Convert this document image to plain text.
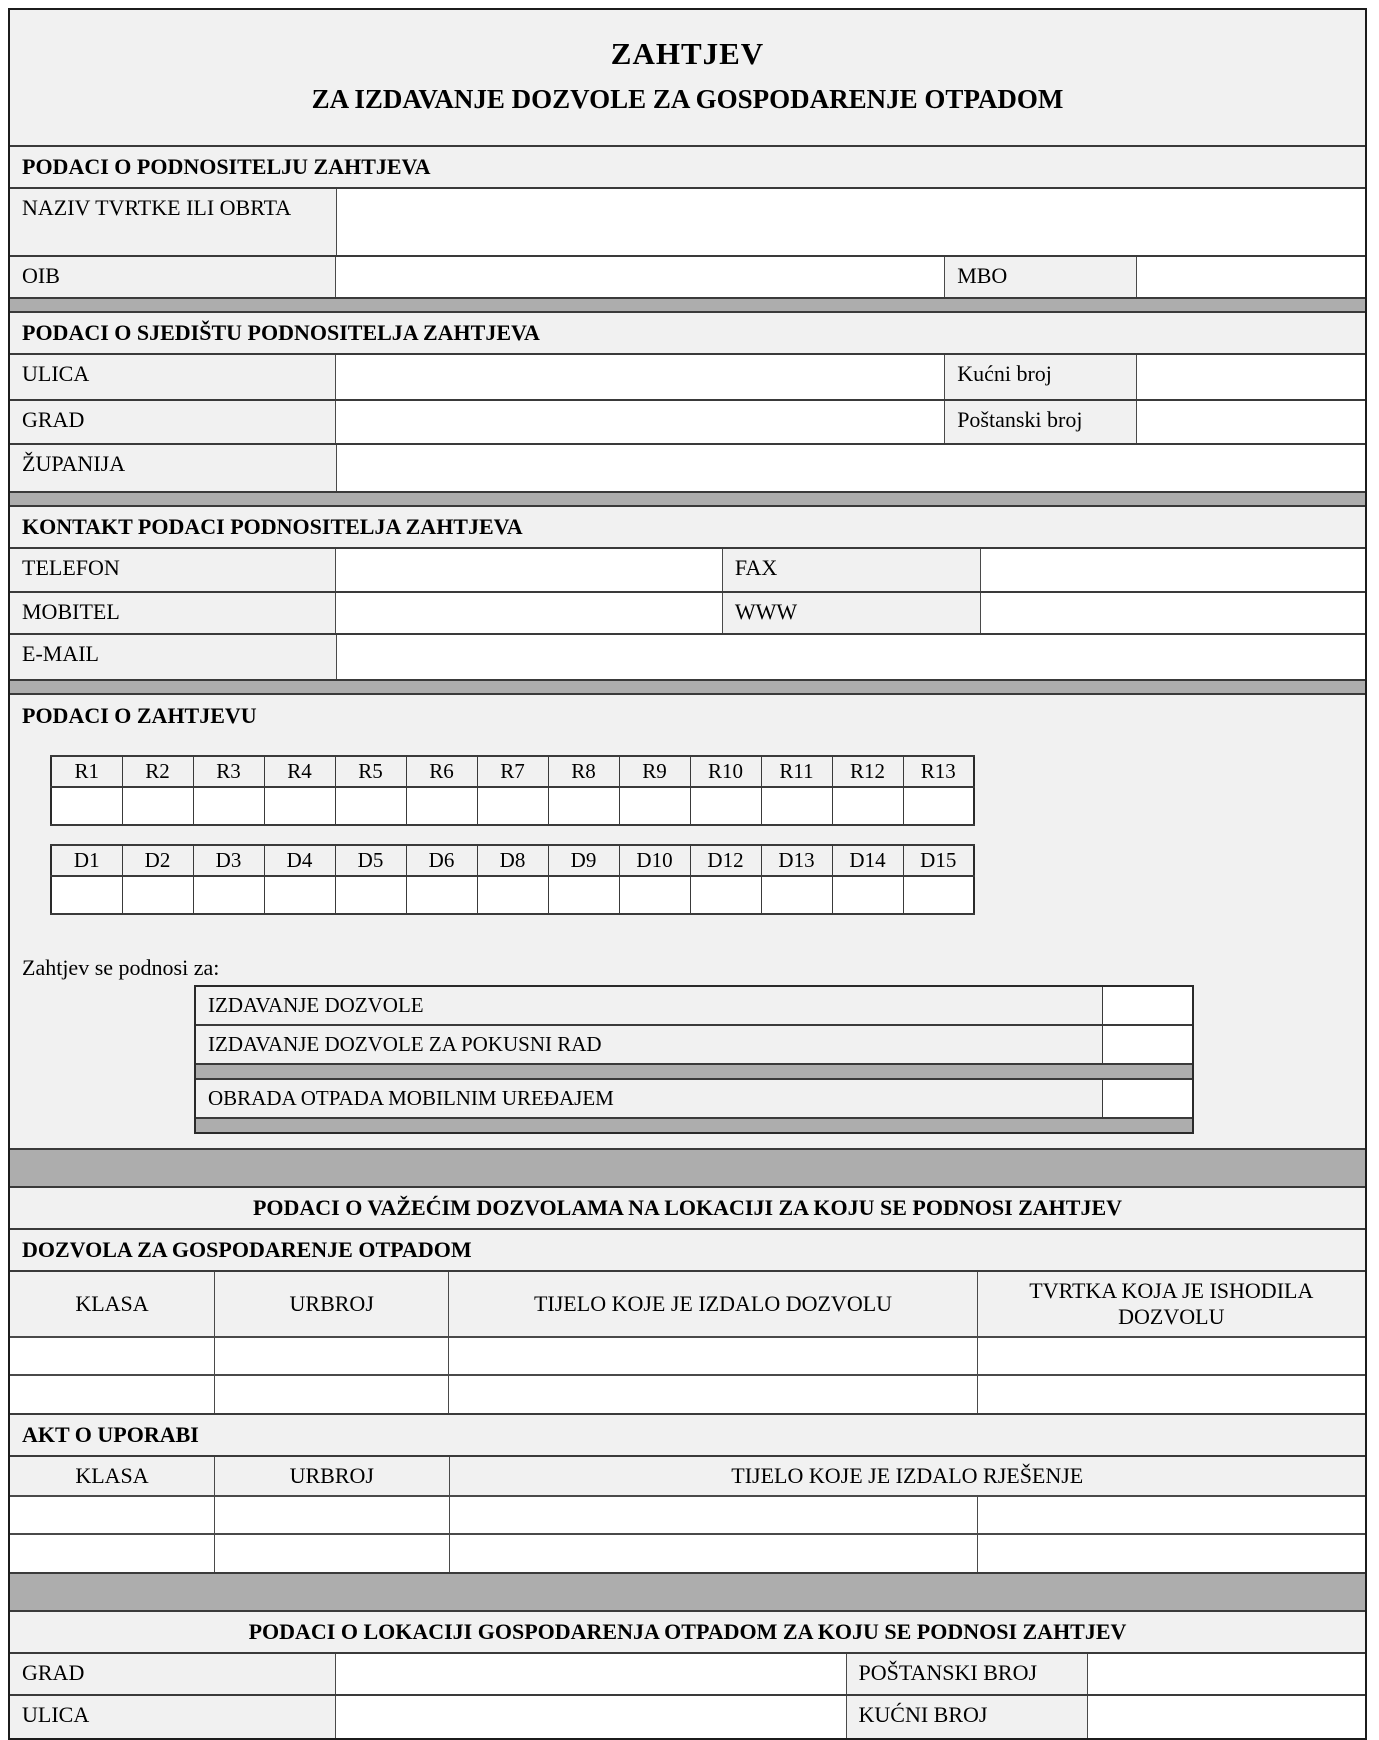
ZAHTJEV
ZA IZDAVANJE DOZVOLE ZA GOSPODARENJE OTPADOM
PODACI O PODNOSITELJU ZAHTJEVA
NAZIV TVRTKE ILI OBRTA
OIB	MBO
PODACI O SJEDIŠTU PODNOSITELJA ZAHTJEVA
ULICA	Kućni broj
GRAD	Poštanski broj
ŽUPANIJA
KONTAKT PODACI PODNOSITELJA ZAHTJEVA
TELEFON	FAX
MOBITEL	WWW
E-MAIL
PODACI O ZAHTJEVU
R1	R2	R3	R4	R5	R6	R7	R8	R9	R10	R11	R12	R13

D1	D2	D3	D4	D5	D6	D8	D9	D10	D12	D13	D14	D15

Zahtjev se podnosi za:
IZDAVANJE DOZVOLE
IZDAVANJE DOZVOLE ZA POKUSNI RAD
OBRADA OTPADA MOBILNIM UREĐAJEM
PODACI O VAŽEĆIM DOZVOLAMA NA LOKACIJI ZA KOJU SE PODNOSI ZAHTJEV
DOZVOLA ZA GOSPODARENJE OTPADOM
KLASA	URBROJ	TIJELO KOJE JE IZDALO DOZVOLU	TVRTKA KOJA JE ISHODILA DOZVOLU

AKT O UPORABI
KLASA	URBROJ	TIJELO KOJE JE IZDALO RJEŠENJE	

PODACI O LOKACIJI GOSPODARENJA OTPADOM ZA KOJU SE PODNOSI ZAHTJEV
GRAD	POŠTANSKI BROJ
ULICA	KUĆNI BROJ
